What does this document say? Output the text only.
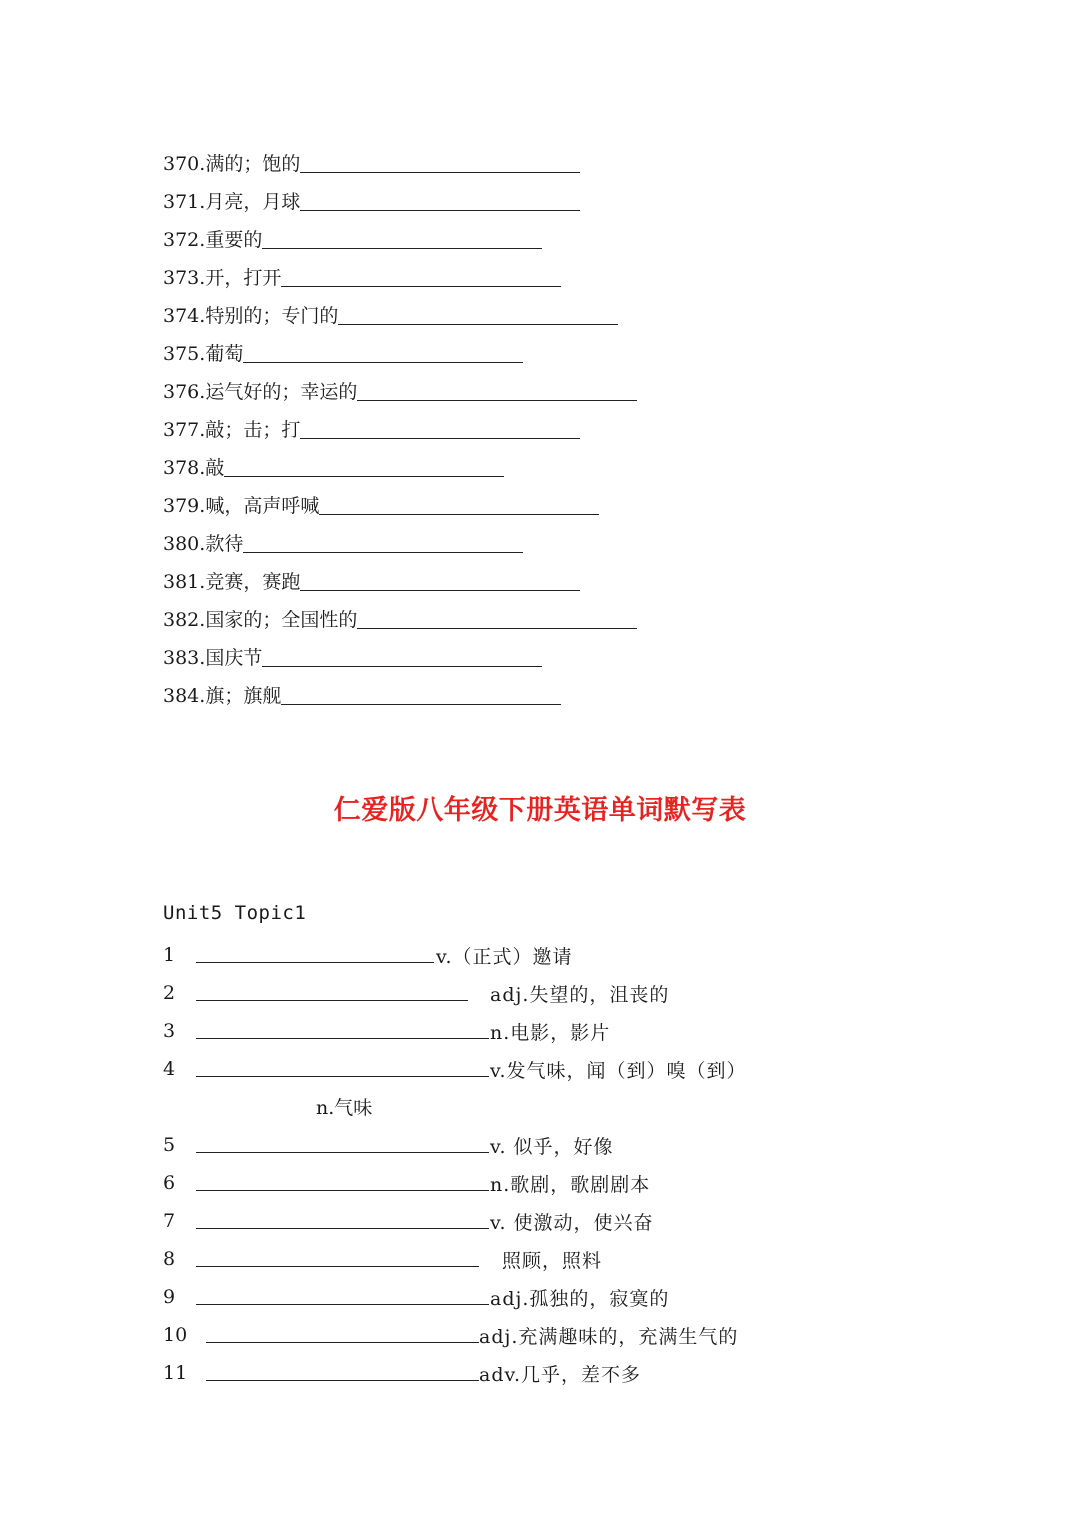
370. 满的；饱的
371. 月亮，月球
372. 重要的
373. 开，打开
374. 特别的；专门的
375. 葡萄
376. 运气好的；幸运的
377. 敲；击；打
378. 敲
379. 喊，高声呼喊
380. 款待
381. 竞赛，赛跑
382. 国家的；全国性的
383. 国庆节
384. 旗；旗舰
仁爱版八年级下册英语单词默写表
Unit5 Topic1
1	v.（正式）邀请
2	adj.失望的，沮丧的
3	n.电影，影片
4	v.发气味，闻（到）嗅（到）
n.气味
5	v. 似乎，好像
6	n.歌剧，歌剧剧本
7	v. 使激动，使兴奋
8	照顾，照料
9	adj.孤独的，寂寞的
10	adj.充满趣味的，充满生气的
11	adv.几乎，差不多
